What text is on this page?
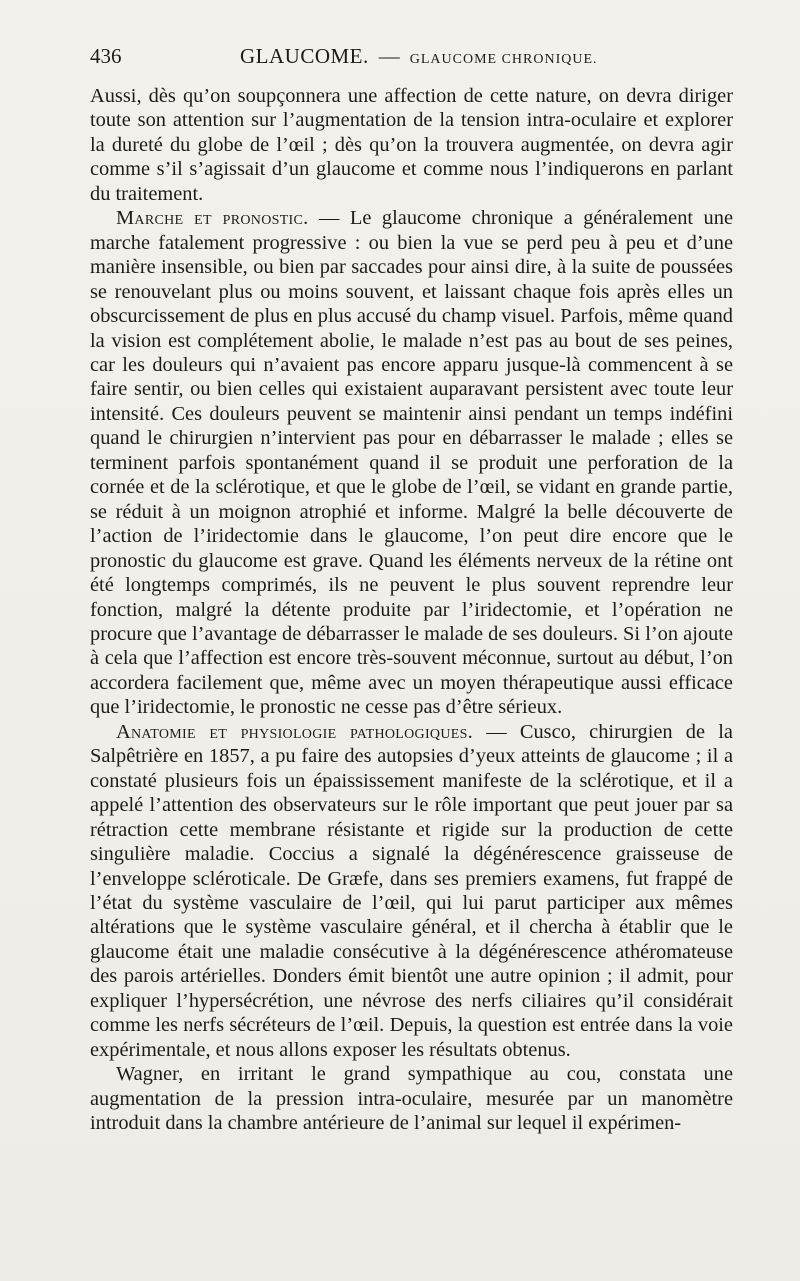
436	GLAUCOME. — GLAUCOME CHRONIQUE.

Aussi, dès qu’on soupçonnera une affection de cette nature, on devra diriger toute son attention sur l’augmentation de la tension intra-oculaire et explorer la dureté du globe de l’œil ; dès qu’on la trouvera augmentée, on devra agir comme s’il s’agissait d’un glaucome et comme nous l’indiquerons en parlant du traitement.

Marche et pronostic. — Le glaucome chronique a généralement une marche fatalement progressive : ou bien la vue se perd peu à peu et d’une manière insensible, ou bien par saccades pour ainsi dire, à la suite de poussées se renouvelant plus ou moins souvent, et laissant chaque fois après elles un obscurcissement de plus en plus accusé du champ visuel. Parfois, même quand la vision est complétement abolie, le malade n’est pas au bout de ses peines, car les douleurs qui n’avaient pas encore apparu jusque-là commencent à se faire sentir, ou bien celles qui existaient auparavant persistent avec toute leur intensité. Ces douleurs peuvent se maintenir ainsi pendant un temps indéfini quand le chirurgien n’intervient pas pour en débarrasser le malade ; elles se terminent parfois spontanément quand il se produit une perforation de la cornée et de la sclérotique, et que le globe de l’œil, se vidant en grande partie, se réduit à un moignon atrophié et informe. Malgré la belle découverte de l’action de l’iridectomie dans le glaucome, l’on peut dire encore que le pronostic du glaucome est grave. Quand les éléments nerveux de la rétine ont été longtemps comprimés, ils ne peuvent le plus souvent reprendre leur fonction, malgré la détente produite par l’iridectomie, et l’opération ne procure que l’avantage de débarrasser le malade de ses douleurs. Si l’on ajoute à cela que l’affection est encore très-souvent méconnue, surtout au début, l’on accordera facilement que, même avec un moyen thérapeutique aussi efficace que l’iridectomie, le pronostic ne cesse pas d’être sérieux.

Anatomie et physiologie pathologiques. — Cusco, chirurgien de la Salpêtrière en 1857, a pu faire des autopsies d’yeux atteints de glaucome ; il a constaté plusieurs fois un épaississement manifeste de la sclérotique, et il a appelé l’attention des observateurs sur le rôle important que peut jouer par sa rétraction cette membrane résistante et rigide sur la production de cette singulière maladie. Coccius a signalé la dégénérescence graisseuse de l’enveloppe scléroticale. De Græfe, dans ses premiers examens, fut frappé de l’état du système vasculaire de l’œil, qui lui parut participer aux mêmes altérations que le système vasculaire général, et il chercha à établir que le glaucome était une maladie consécutive à la dégénérescence athéromateuse des parois artérielles. Donders émit bientôt une autre opinion ; il admit, pour expliquer l’hypersécrétion, une névrose des nerfs ciliaires qu’il considérait comme les nerfs sécréteurs de l’œil. Depuis, la question est entrée dans la voie expérimentale, et nous allons exposer les résultats obtenus.

Wagner, en irritant le grand sympathique au cou, constata une augmentation de la pression intra-oculaire, mesurée par un manomètre introduit dans la chambre antérieure de l’animal sur lequel il expérimen-
